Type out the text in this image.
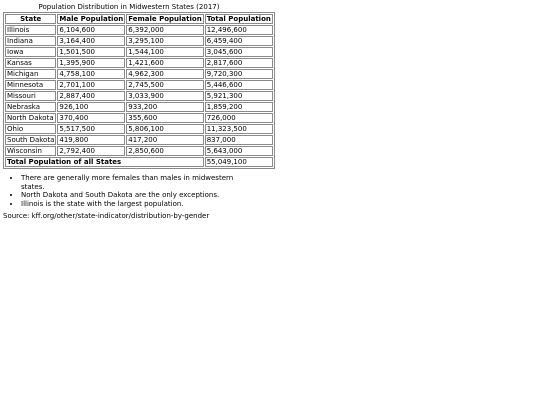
Population Distribution in Midwestern States (2017)
State	Male Population	Female Population	Total Population
Illinois	6,104,600	6,392,000	12,496,600
Indiana	3,164,400	3,295,100	6,459,400
Iowa	1,501,500	1,544,100	3,045,600
Kansas	1,395,900	1,421,600	2,817,600
Michigan	4,758,100	4,962,300	9,720,300
Minnesota	2,701,100	2,745,500	5,446,600
Missouri	2,887,400	3,033,900	5,921,300
Nebraska	926,100	933,200	1,859,200
North Dakota	370,400	355,600	726,000
Ohio	5,517,500	5,806,100	11,323,500
South Dakota	419,800	417,200	837,000
Wisconsin	2,792,400	2,850,600	5,643,000
Total Population of all States			55,049,100
• There are generally more females than males in midwestern states.
• North Dakota and South Dakota are the only exceptions.
• Illinois is the state with the largest population.
Source: kff.org/other/state-indicator/distribution-by-gender
